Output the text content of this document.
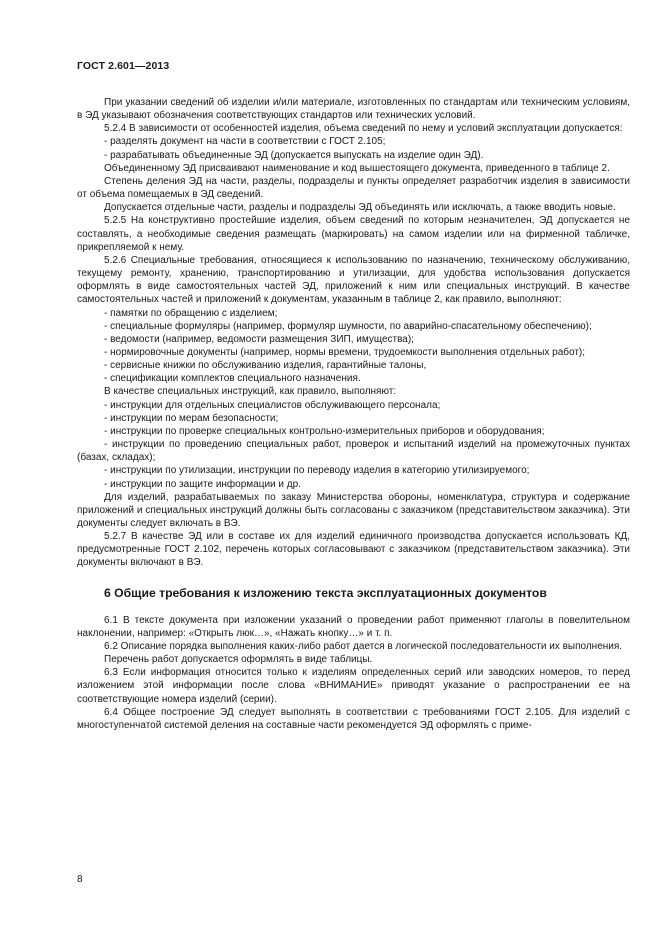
ГОСТ 2.601—2013

При указании сведений об изделии и/или материале, изготовленных по стандартам или техническим условиям, в ЭД указывают обозначения соответствующих стандартов или технических условий.

5.2.4 В зависимости от особенностей изделия, объема сведений по нему и условий эксплуатации допускается:

- разделять документ на части в соответствии с ГОСТ 2.105;

- разрабатывать объединенные ЭД (допускается выпускать на изделие один ЭД).

Объединенному ЭД присваивают наименование и код вышестоящего документа, приведенного в таблице 2.

Степень деления ЭД на части, разделы, подразделы и пункты определяет разработчик изделия в зависимости от объема помещаемых в ЭД сведений.

Допускается отдельные части, разделы и подразделы ЭД объединять или исключать, а также вводить новые.

5.2.5 На конструктивно простейшие изделия, объем сведений по которым незначителен, ЭД допускается не составлять, а необходимые сведения размещать (маркировать) на самом изделии или на фирменной табличке, прикрепляемой к нему.

5.2.6 Специальные требования, относящиеся к использованию по назначению, техническому обслуживанию, текущему ремонту, хранению, транспортированию и утилизации, для удобства использования допускается оформлять в виде самостоятельных частей ЭД, приложений к ним или специальных инструкций. В качестве самостоятельных частей и приложений к документам, указанным в таблице 2, как правило, выполняют:

- памятки по обращению с изделием;

- специальные формуляры (например, формуляр шумности, по аварийно-спасательному обеспечению);

- ведомости (например, ведомости размещения ЗИП, имущества);

- нормировочные документы (например, нормы времени, трудоемкости выполнения отдельных работ);

- сервисные книжки по обслуживанию изделия, гарантийные талоны,

- спецификации комплектов специального назначения.

В качестве специальных инструкций, как правило, выполняют:

- инструкции для отдельных специалистов обслуживающего персонала;

- инструкции по мерам безопасности;

- инструкции по проверке специальных контрольно-измерительных приборов и оборудования;

- инструкции по проведению специальных работ, проверок и испытаний изделий на промежуточных пунктах (базах, складах);

- инструкции по утилизации, инструкции по переводу изделия в категорию утилизируемого;

- инструкции по защите информации и др.

Для изделий, разрабатываемых по заказу Министерства обороны, номенклатура, структура и содержание приложений и специальных инструкций должны быть согласованы с заказчиком (представительством заказчика). Эти документы следует включать в ВЭ.

5.2.7 В качестве ЭД или в составе их для изделий единичного производства допускается использовать КД, предусмотренные ГОСТ 2.102, перечень которых согласовывают с заказчиком (представительством заказчика). Эти документы включают в ВЭ.

6 Общие требования к изложению текста эксплуатационных документов

6.1 В тексте документа при изложении указаний о проведении работ применяют глаголы в повелительном наклонении, например: «Открыть люк…», «Нажать кнопку…» и т. п.

6.2 Описание порядка выполнения каких-либо работ дается в логической последовательности их выполнения.

Перечень работ допускается оформлять в виде таблицы.

6.3 Если информация относится только к изделиям определенных серий или заводских номеров, то перед изложением этой информации после слова «ВНИМАНИЕ» приводят указание о распространении ее на соответствующие номера изделий (серии).

6.4 Общее построение ЭД следует выполнять в соответствии с требованиями ГОСТ 2.105. Для изделий с многоступенчатой системой деления на составные части рекомендуется ЭД оформлять с приме-

8
